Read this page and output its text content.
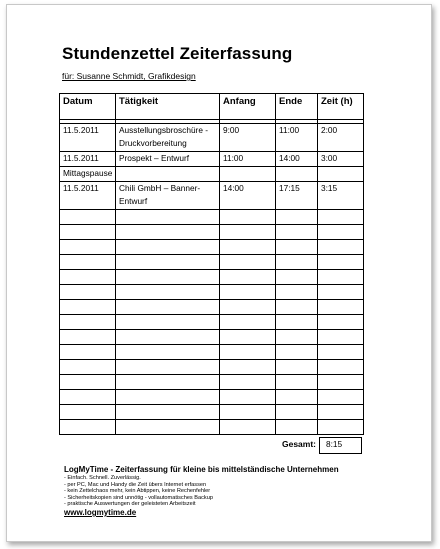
Stundenzettel Zeiterfassung
für: Susanne Schmidt, Grafikdesign
Datum	Tätigkeit	Anfang	Ende	Zeit (h)

11.5.2011	Ausstellungsbroschüre - Druckvorbereitung	9:00	11:00	2:00
11.5.2011	Prospekt – Entwurf	11:00	14:00	3:00
Mittagspause				
11.5.2011	Chili GmbH – Banner-Entwurf	14:00	17:15	3:15

Gesamt:	8:15
LogMyTime - Zeiterfassung für kleine bis mittelständische Unternehmen
- Einfach. Schnell. Zuverlässig.
- per PC, Mac und Handy die Zeit übers Internet erfassen
- kein Zettelchaos mehr, kein Abtippen, keine Rechenfehler
- Sicherheitskopien sind unnötig - vollautomatisches Backup
- praktische Auswertungen der geleisteten Arbeitszeit
www.logmytime.de
